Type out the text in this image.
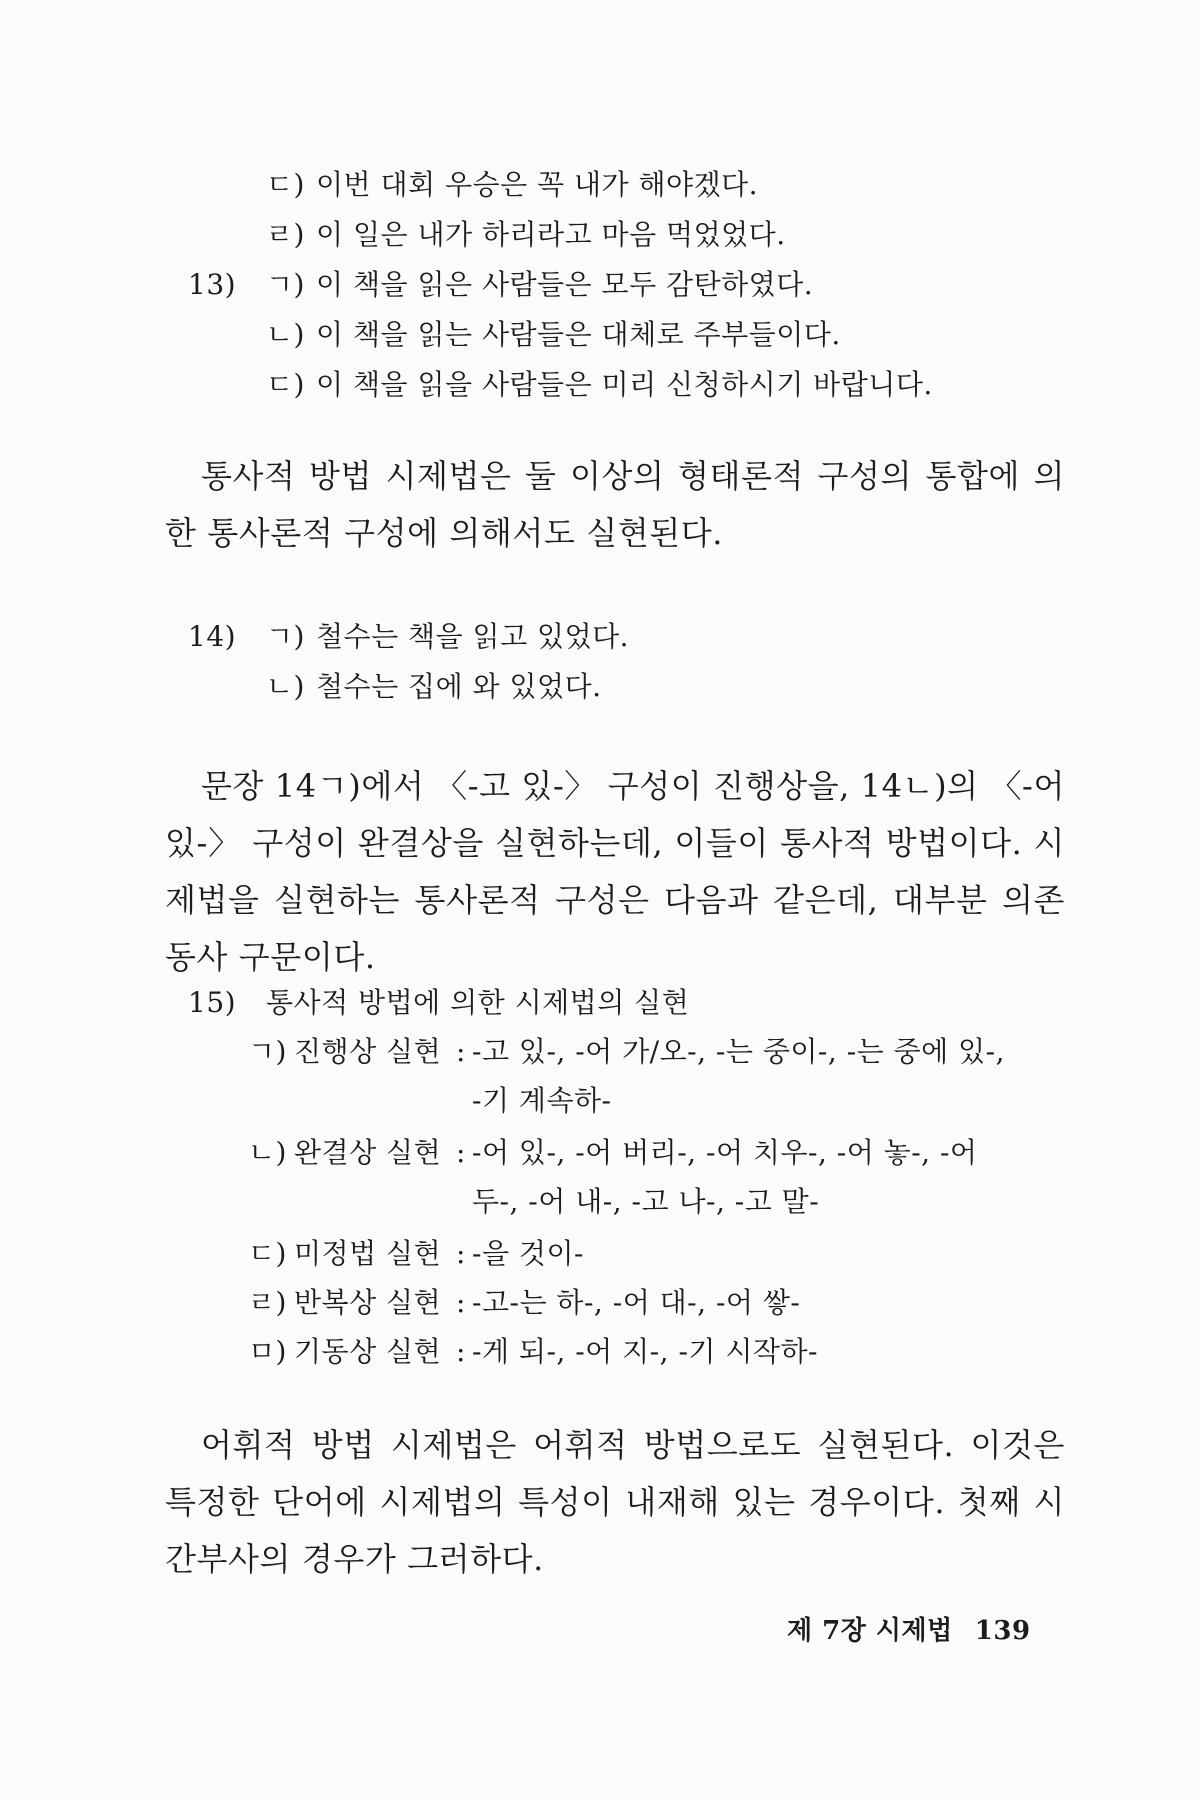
ㄷ) 이번 대회 우승은 꼭 내가 해야겠다.
ㄹ) 이 일은 내가 하리라고 마음 먹었었다.
13) ㄱ) 이 책을 읽은 사람들은 모두 감탄하였다.
ㄴ) 이 책을 읽는 사람들은 대체로 주부들이다.
ㄷ) 이 책을 읽을 사람들은 미리 신청하시기 바랍니다.

통사적 방법 시제법은 둘 이상의 형태론적 구성의 통합에 의한 통사론적 구성에 의해서도 실현된다.

14) ㄱ) 철수는 책을 읽고 있었다.
ㄴ) 철수는 집에 와 있었다.

문장 14ㄱ)에서 〈-고 있-〉 구성이 진행상을, 14ㄴ)의 〈-어 있-〉 구성이 완결상을 실현하는데, 이들이 통사적 방법이다. 시제법을 실현하는 통사론적 구성은 다음과 같은데, 대부분 의존동사 구문이다.

15) 통사적 방법에 의한 시제법의 실현
ㄱ) 진행상 실현 : -고 있-, -어 가/오-, -는 중이-, -는 중에 있-,
-기 계속하-
ㄴ) 완결상 실현 : -어 있-, -어 버리-, -어 치우-, -어 놓-, -어
두-, -어 내-, -고 나-, -고 말-
ㄷ) 미정법 실현 : -을 것이-
ㄹ) 반복상 실현 : -고-는 하-, -어 대-, -어 쌓-
ㅁ) 기동상 실현 : -게 되-, -어 지-, -기 시작하-

어휘적 방법 시제법은 어휘적 방법으로도 실현된다. 이것은 특정한 단어에 시제법의 특성이 내재해 있는 경우이다. 첫째 시간부사의 경우가 그러하다.

제 7장 시제법 139
